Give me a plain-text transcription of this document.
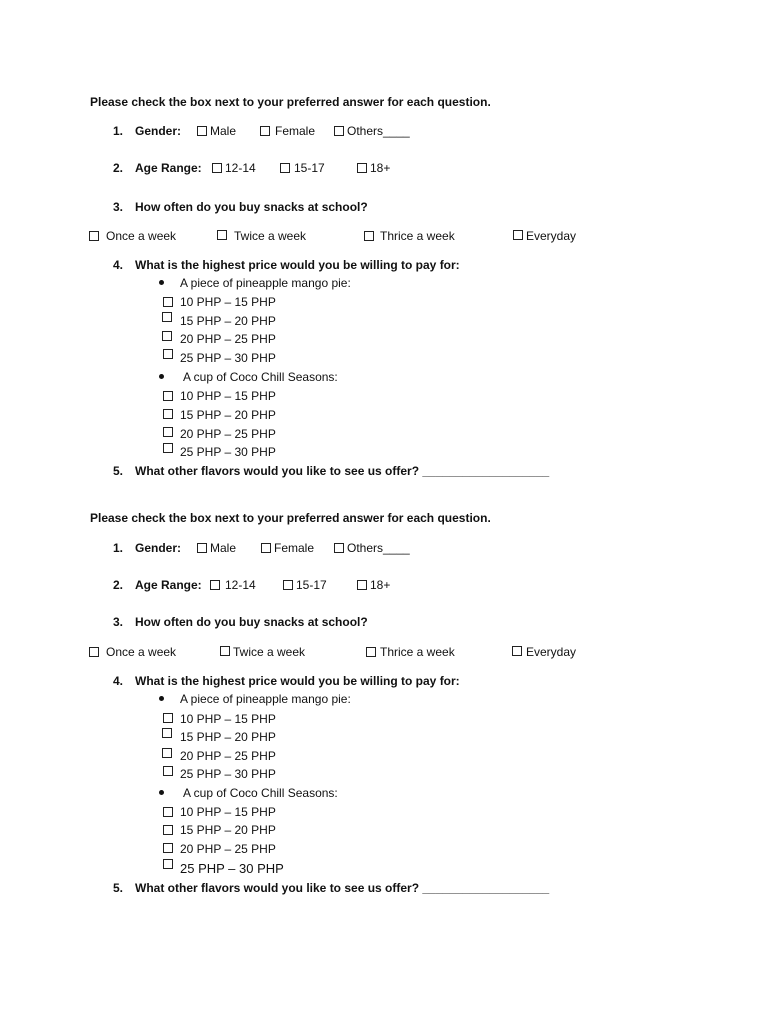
Please check the box next to your preferred answer for each question.
1. Gender: Male	Female	Others____
2. Age Range: 12-14	15-17	18+
3. How often do you buy snacks at school?
Once a week	Twice a week	Thrice a week	Everyday
4. What is the highest price would you be willing to pay for:
A piece of pineapple mango pie:
10 PHP – 15 PHP
15 PHP – 20 PHP
20 PHP – 25 PHP
25 PHP – 30 PHP
A cup of Coco Chill Seasons:
10 PHP – 15 PHP
15 PHP – 20 PHP
20 PHP – 25 PHP
25 PHP – 30 PHP
5. What other flavors would you like to see us offer? ___________________
Please check the box next to your preferred answer for each question.
1. Gender: Male	Female	Others____
2. Age Range: 12-14	15-17	18+
3. How often do you buy snacks at school?
Once a week	Twice a week	Thrice a week	Everyday
4. What is the highest price would you be willing to pay for:
A piece of pineapple mango pie:
10 PHP – 15 PHP
15 PHP – 20 PHP
20 PHP – 25 PHP
25 PHP – 30 PHP
A cup of Coco Chill Seasons:
10 PHP – 15 PHP
15 PHP – 20 PHP
20 PHP – 25 PHP
25 PHP – 30 PHP
5. What other flavors would you like to see us offer? ___________________
